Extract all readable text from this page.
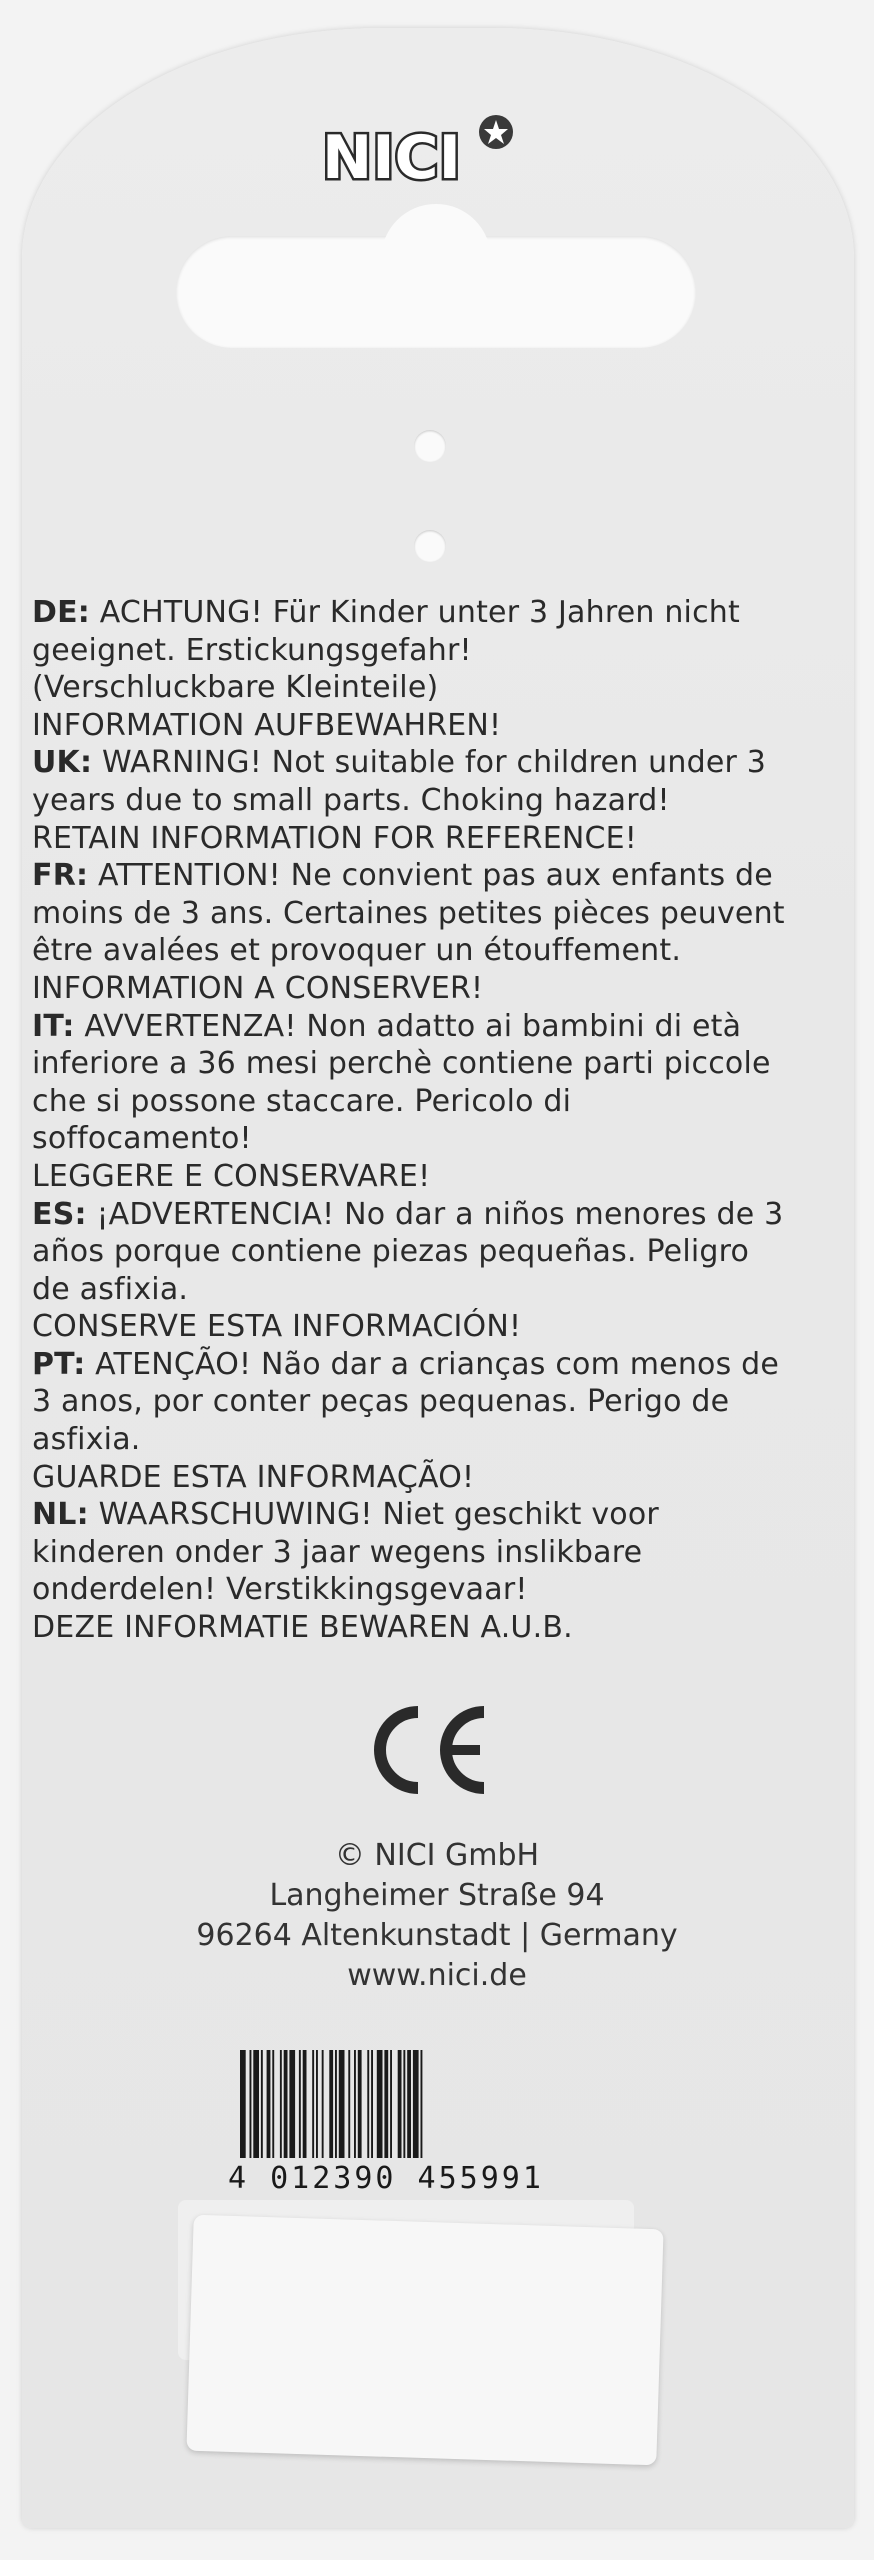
NICI
DE: ACHTUNG! Für Kinder unter 3 Jahren nicht
geeignet. Erstickungsgefahr!
(Verschluckbare Kleinteile)
INFORMATION AUFBEWAHREN!
UK: WARNING! Not suitable for children under 3
years due to small parts. Choking hazard!
RETAIN INFORMATION FOR REFERENCE!
FR: ATTENTION! Ne convient pas aux enfants de
moins de 3 ans. Certaines petites pièces peuvent
être avalées et provoquer un étouffement.
INFORMATION A CONSERVER!
IT: AVVERTENZA! Non adatto ai bambini di età
inferiore a 36 mesi perchè contiene parti piccole
che si possone staccare. Pericolo di
soffocamento!
LEGGERE E CONSERVARE!
ES: ¡ADVERTENCIA! No dar a niños menores de 3
años porque contiene piezas pequeñas. Peligro
de asfixia.
CONSERVE ESTA INFORMACIÓN!
PT: ATENÇÃO! Não dar a crianças com menos de
3 anos, por conter peças pequenas. Perigo de
asfixia.
GUARDE ESTA INFORMAÇÃO!
NL: WAARSCHUWING! Niet geschikt voor
kinderen onder 3 jaar wegens inslikbare
onderdelen! Verstikkingsgevaar!
DEZE INFORMATIE BEWAREN A.U.B.
© NICI GmbH
Langheimer Straße 94
96264 Altenkunstadt | Germany
www.nici.de
4 012390 455991
